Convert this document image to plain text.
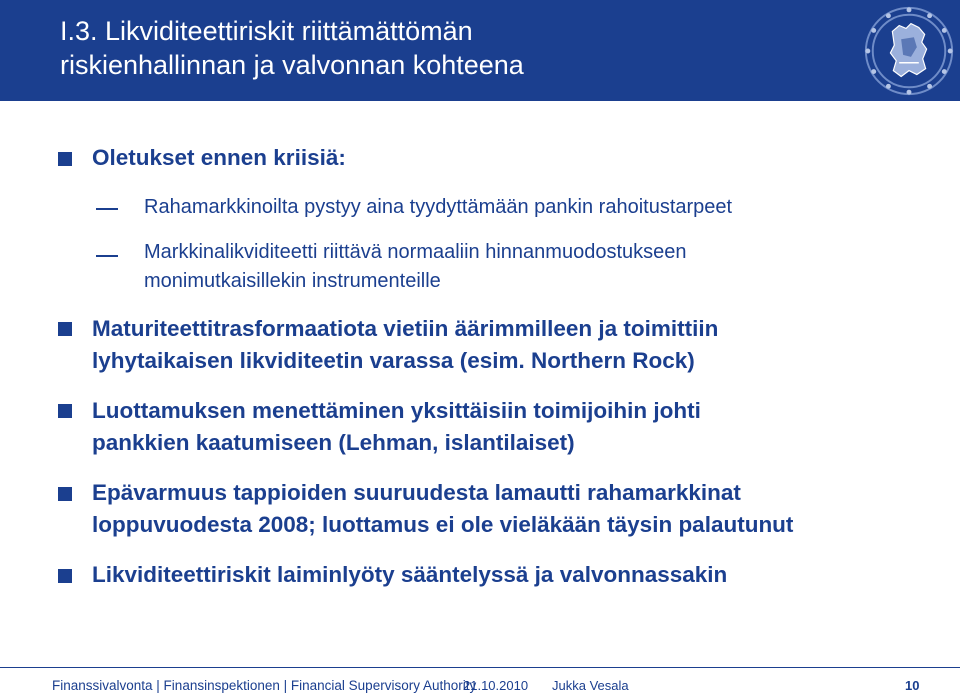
I.3. Likviditeettiriskit riittämättömän
riskienhallinnan ja valvonnan kohteena
Oletukset ennen kriisiä:
Rahamarkkinoilta pystyy aina tyydyttämään pankin rahoitustarpeet
Markkinalikviditeetti riittävä normaaliin hinnanmuodostukseen
monimutkaisillekin instrumenteille
Maturiteettitrasformaatiota vietiin äärimmilleen ja toimittiin
lyhytaikaisen likviditeetin varassa (esim. Northern Rock)
Luottamuksen menettäminen yksittäisiin toimijoihin johti
pankkien kaatumiseen (Lehman, islantilaiset)
Epävarmuus tappioiden suuruudesta lamautti rahamarkkinat
loppuvuodesta 2008; luottamus ei ole vieläkään täysin palautunut
Likviditeettiriskit laiminlyöty sääntelyssä ja valvonnassakin
Finanssivalvonta | Finansinspektionen | Financial Supervisory Authority
21.10.2010 Jukka Vesala	10
